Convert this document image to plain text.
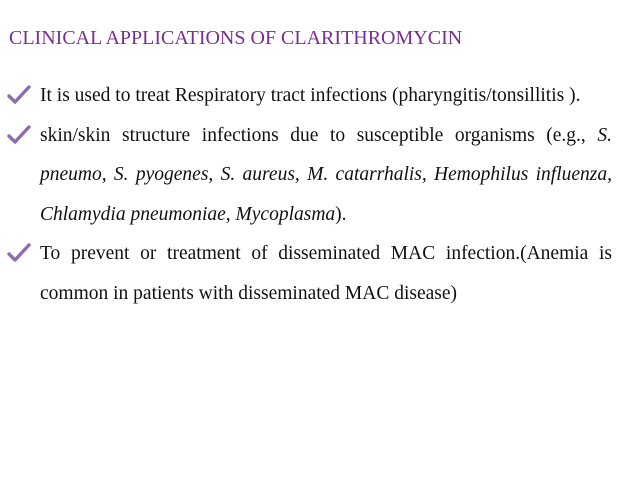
CLINICAL APPLICATIONS OF CLARITHROMYCIN
It is used to treat Respiratory tract infections (pharyngitis/tonsillitis ).
skin/skin structure infections due to susceptible organisms (e.g., S. pneumo, S. pyogenes, S. aureus, M. catarrhalis, Hemophilus influenza, Chlamydia pneumoniae, Mycoplasma).
To prevent or treatment of disseminated MAC infection.(Anemia is common in patients with disseminated MAC disease)
